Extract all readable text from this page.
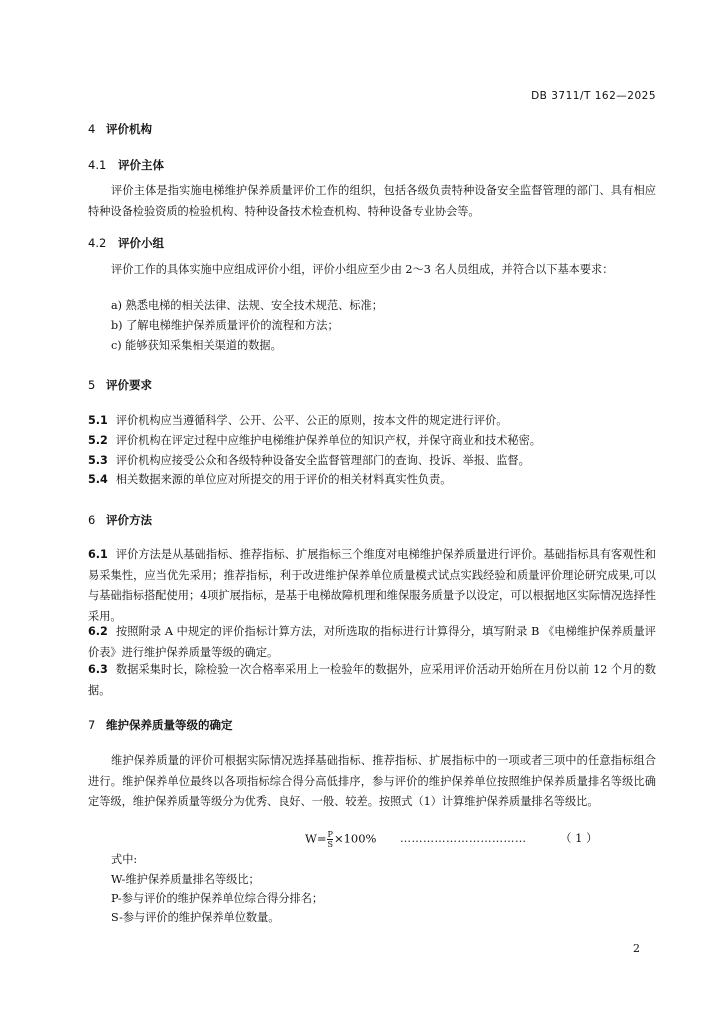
DB 3711/T 162—2025
4 评价机构
4.1 评价主体
评价主体是指实施电梯维护保养质量评价工作的组织，包括各级负责特种设备安全监督管理的部门、具有相应特种设备检验资质的检验机构、特种设备技术检查机构、特种设备专业协会等。
4.2 评价小组
评价工作的具体实施中应组成评价小组，评价小组应至少由 2～3 名人员组成，并符合以下基本要求：
a) 熟悉电梯的相关法律、法规、安全技术规范、标准；
b) 了解电梯维护保养质量评价的流程和方法；
c) 能够获知采集相关渠道的数据。
5 评价要求
5.1 评价机构应当遵循科学、公开、公平、公正的原则，按本文件的规定进行评价。
5.2 评价机构在评定过程中应维护电梯维护保养单位的知识产权，并保守商业和技术秘密。
5.3 评价机构应接受公众和各级特种设备安全监督管理部门的查询、投诉、举报、监督。
5.4 相关数据来源的单位应对所提交的用于评价的相关材料真实性负责。
6 评价方法
6.1 评价方法是从基础指标、推荐指标、扩展指标三个维度对电梯维护保养质量进行评价。基础指标具有客观性和易采集性，应当优先采用；推荐指标，利于改进维护保养单位质量模式试点实践经验和质量评价理论研究成果,可以与基础指标搭配使用；4项扩展指标，是基于电梯故障机理和维保服务质量予以设定，可以根据地区实际情况选择性采用。
6.2 按照附录 A 中规定的评价指标计算方法，对所选取的指标进行计算得分，填写附录 B 《电梯维护保养质量评价表》进行维护保养质量等级的确定。
6.3 数据采集时长，除检验一次合格率采用上一检验年的数据外，应采用评价活动开始所在月份以前 12 个月的数据。
7 维护保养质量等级的确定
维护保养质量的评价可根据实际情况选择基础指标、推荐指标、扩展指标中的一项或者三项中的任意指标组合进行。维护保养单位最终以各项指标综合得分高低排序，参与评价的维护保养单位按照维护保养质量排名等级比确定等级，维护保养质量等级分为优秀、良好、一般、较差。按照式（1）计算维护保养质量排名等级比。
$W= \frac{P}{S} \times 100\%$ ……………………………	（ 1 ）
式中:
W-维护保养质量排名等级比；
P-参与评价的维护保养单位综合得分排名；
S-参与评价的维护保养单位数量。
2
